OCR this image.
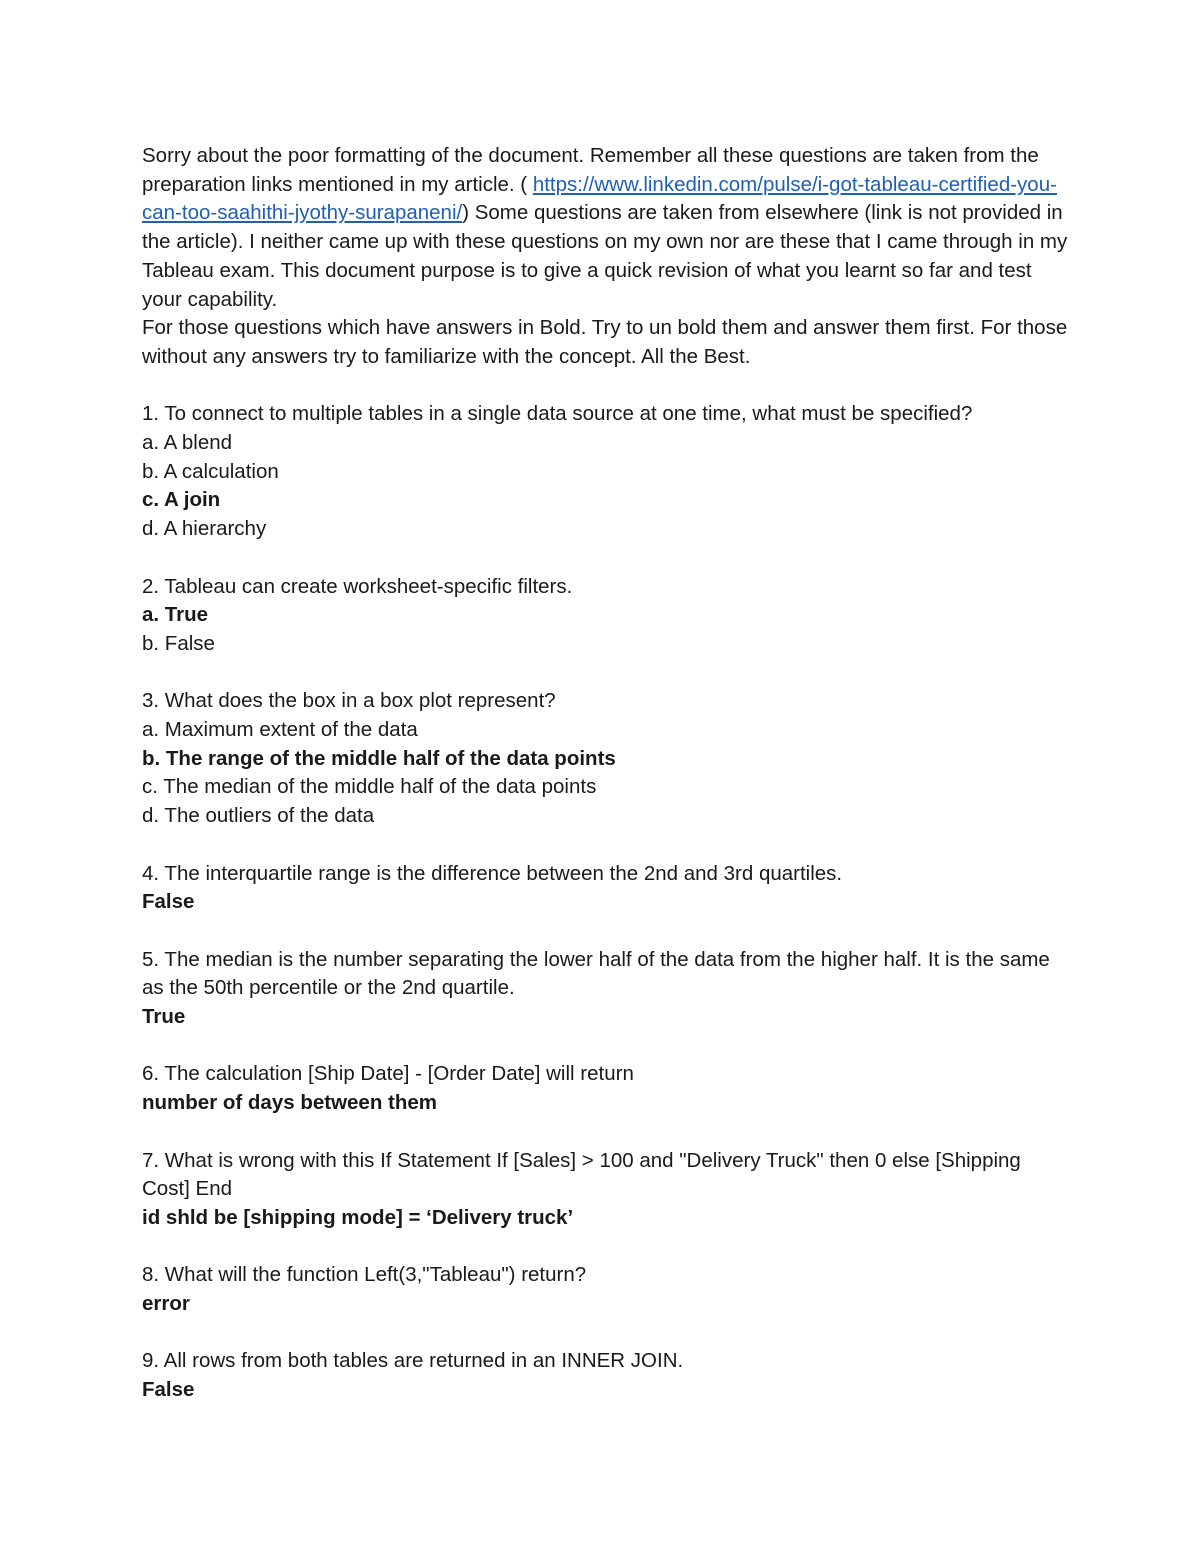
Sorry about the poor formatting of the document. Remember all these questions are taken from the preparation links mentioned in my article. ( https://www.linkedin.com/pulse/i-got-tableau-certified-you-can-too-saahithi-jyothy-surapaneni/) Some questions are taken from elsewhere (link is not provided in the article). I neither came up with these questions on my own nor are these that I came through in my Tableau exam. This document purpose is to give a quick revision of what you learnt so far and test your capability.

For those questions which have answers in Bold. Try to un bold them and answer them first. For those without any answers try to familiarize with the concept. All the Best.

1. To connect to multiple tables in a single data source at one time, what must be specified?

a. A blend

b. A calculation

c. A join

d. A hierarchy

2. Tableau can create worksheet-specific filters.

a. True

b. False

3. What does the box in a box plot represent?

a. Maximum extent of the data

b. The range of the middle half of the data points

c. The median of the middle half of the data points

d. The outliers of the data

4. The interquartile range is the difference between the 2nd and 3rd quartiles.

False

5. The median is the number separating the lower half of the data from the higher half. It is the same as the 50th percentile or the 2nd quartile.

True

6. The calculation [Ship Date] - [Order Date] will return

number of days between them

7. What is wrong with this If Statement If [Sales] > 100 and "Delivery Truck" then 0 else [Shipping Cost] End

id shld be [shipping mode] = ‘Delivery truck’

8. What will the function Left(3,"Tableau") return?

error

9. All rows from both tables are returned in an INNER JOIN.

False
